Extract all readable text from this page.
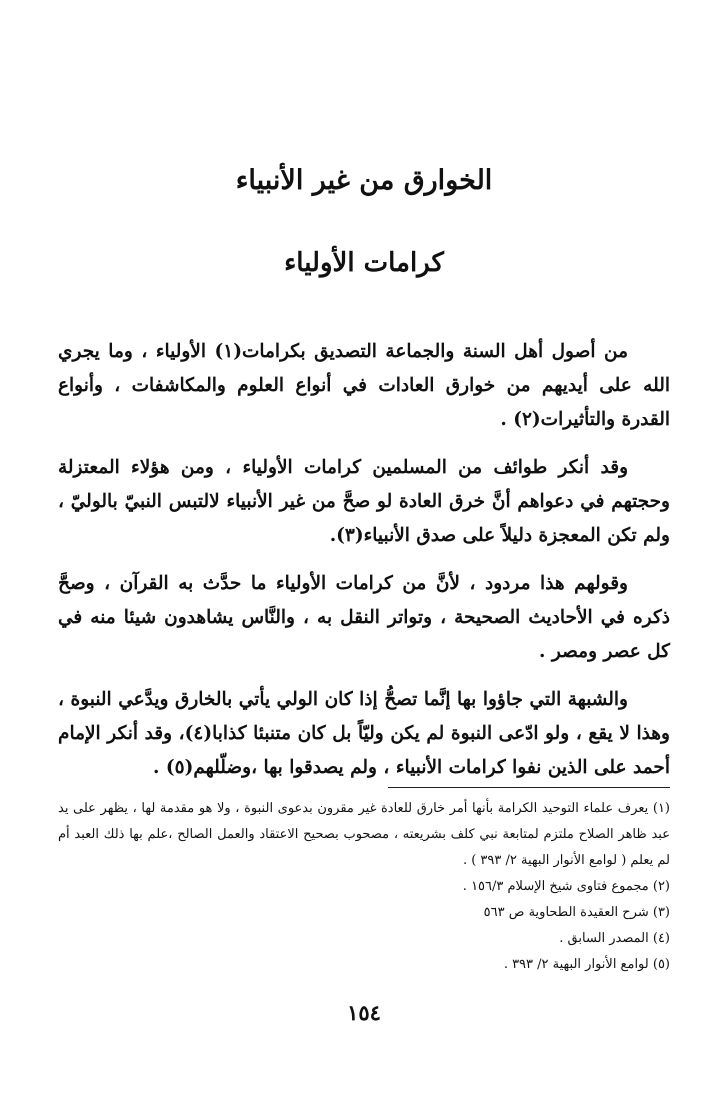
الخوارق من غير الأنبياء
كرامات الأولياء

من أصول أهل السنة والجماعة التصديق بكرامات(١) الأولياء ، وما يجري الله على أيديهم من خوارق العادات في أنواع العلوم والمكاشفات ، وأنواع القدرة والتأثيرات(٢) .

وقد أنكر طوائف من المسلمين كرامات الأولياء ، ومن هؤلاء المعتزلة وحجتهم في دعواهم أنَّ خرق العادة لو صحَّ من غير الأنبياء لالتبس النبيّ بالوليّ ، ولم تكن المعجزة دليلاً على صدق الأنبياء(٣).

وقولهم هذا مردود ، لأنَّ من كرامات الأولياء ما حدَّث به القرآن ، وصحَّ ذكره في الأحاديث الصحيحة ، وتواتر النقل به ، والنَّاس يشاهدون شيئا منه في كل عصر ومصر .

والشبهة التي جاؤوا بها إنَّما تصحُّ إذا كان الولي يأتي بالخارق ويدَّعي النبوة ، وهذا لا يقع ، ولو ادّعى النبوة لم يكن وليّاً بل كان متنبئا كذابا(٤)، وقد أنكر الإمام أحمد على الذين نفوا كرامات الأنبياء ، ولم يصدقوا بها ،وضلّلهم(٥) .

(١) يعرف علماء التوحيد الكرامة بأنها أمر خارق للعادة غير مقرون بدعوى النبوة ، ولا هو مقدمة لها ، يظهر على يد عبد ظاهر الصلاح ملتزم لمتابعة نبي كلف بشريعته ، مصحوب بصحيح الاعتقاد والعمل الصالح ،علم بها ذلك العبد أم لم يعلم ( لوامع الأنوار البهية ٢/ ٣٩٣ ) .

(٢) مجموع فتاوى شيخ الإسلام ١٥٦/٣ .

(٣) شرح العقيدة الطحاوية ص ٥٦٣

(٤) المصدر السابق .

(٥) لوامع الأنوار البهية ٢/ ٣٩٣ .

١٥٤
